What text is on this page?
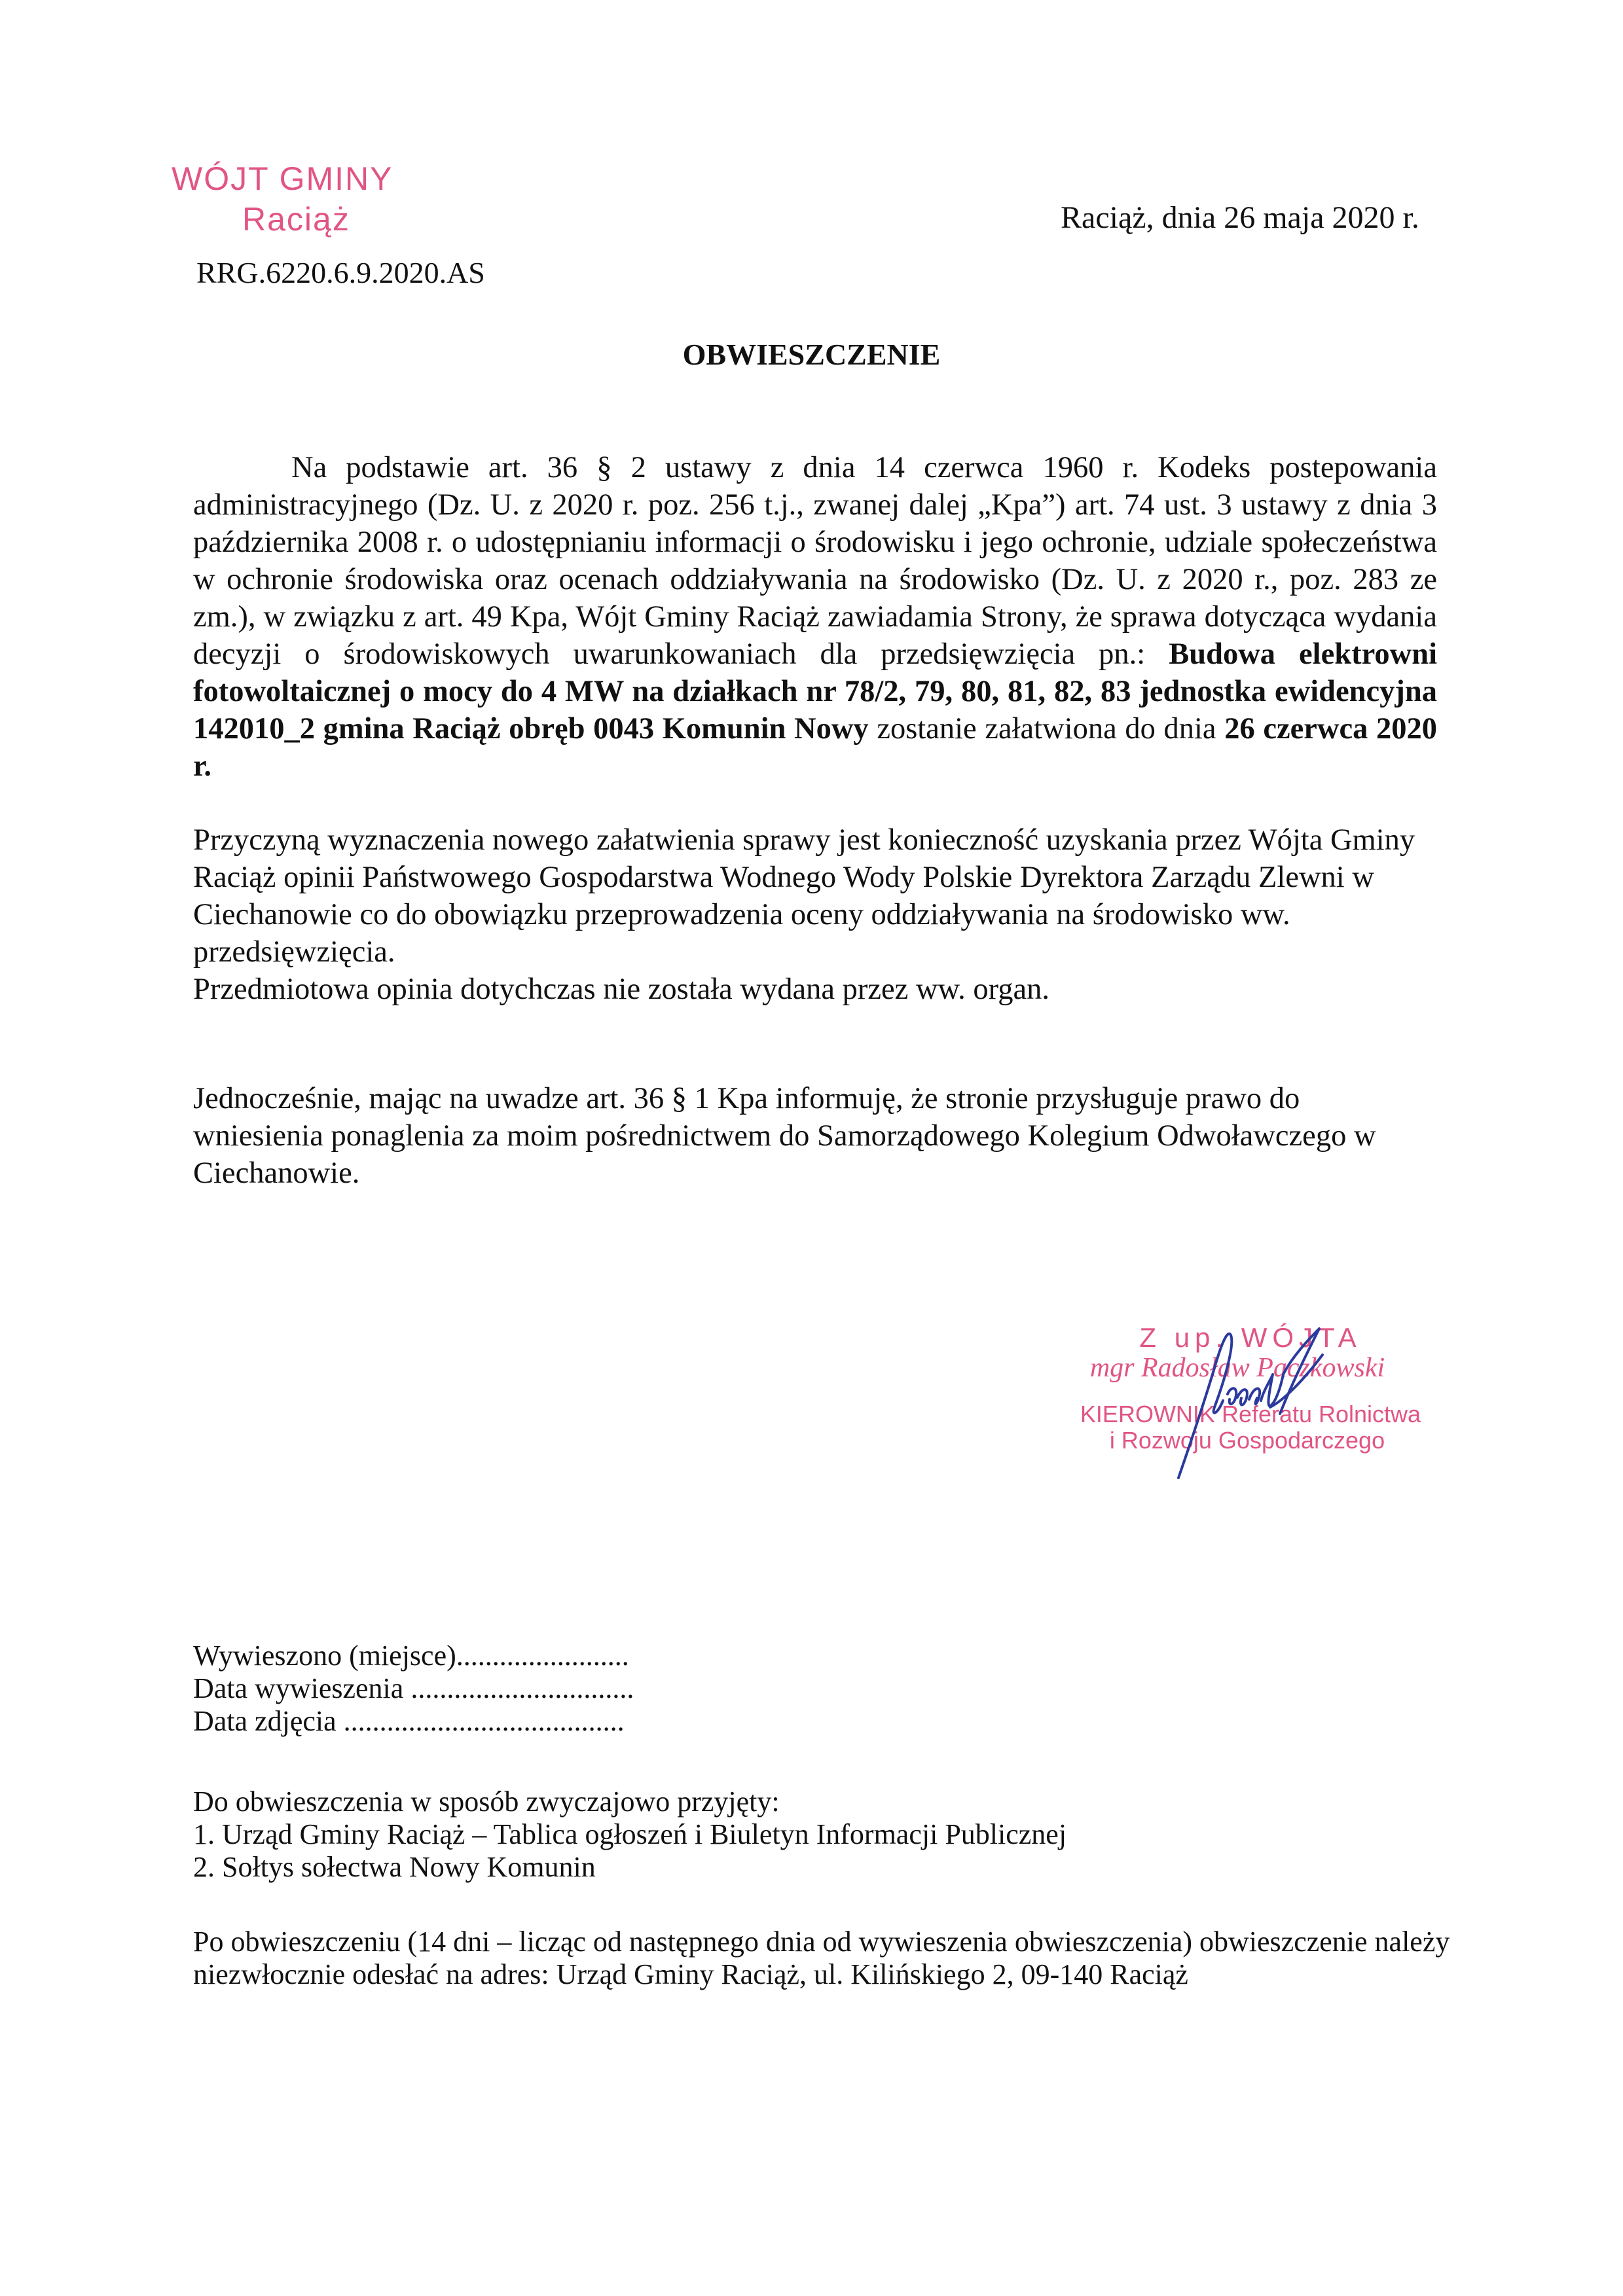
WÓJT GMINY
Raciąż
RRG.6220.6.9.2020.AS
Raciąż, dnia 26 maja 2020 r.
OBWIESZCZENIE
Na podstawie art. 36 § 2 ustawy z dnia 14 czerwca 1960 r. Kodeks postepowania administracyjnego (Dz. U. z 2020 r. poz. 256 t.j., zwanej dalej „Kpa”) art. 74 ust. 3 ustawy z dnia 3 października 2008 r. o udostępnianiu informacji o środowisku i jego ochronie, udziale społeczeństwa w ochronie środowiska oraz ocenach oddziaływania na środowisko (Dz. U. z 2020 r., poz. 283 ze zm.), w związku z art. 49 Kpa, Wójt Gminy Raciąż zawiadamia Strony, że sprawa dotycząca wydania decyzji o środowiskowych uwarunkowaniach dla przedsięwzięcia pn.: Budowa elektrowni fotowoltaicznej o mocy do 4 MW na działkach nr 78/2, 79, 80, 81, 82, 83 jednostka ewidencyjna 142010_2 gmina Raciąż obręb 0043 Komunin Nowy zostanie załatwiona do dnia 26 czerwca 2020 r.
Przyczyną wyznaczenia nowego załatwienia sprawy jest konieczność uzyskania przez Wójta Gminy Raciąż opinii Państwowego Gospodarstwa Wodnego Wody Polskie Dyrektora Zarządu Zlewni w Ciechanowie co do obowiązku przeprowadzenia oceny oddziaływania na środowisko ww. przedsięwzięcia.
Przedmiotowa opinia dotychczas nie została wydana przez ww. organ.
Jednocześnie, mając na uwadze art. 36 § 1 Kpa informuję, że stronie przysługuje prawo do wniesienia ponaglenia za moim pośrednictwem do Samorządowego Kolegium Odwoławczego w Ciechanowie.
Z up. WÓJTA
mgr Radosław Paczkowski
KIEROWNIK Referatu Rolnictwa
i Rozwoju Gospodarczego
Wywieszono (miejsce)........................
Data wywieszenia ...............................
Data zdjęcia .......................................
Do obwieszczenia w sposób zwyczajowo przyjęty:
1. Urząd Gminy Raciąż – Tablica ogłoszeń i Biuletyn Informacji Publicznej
2. Sołtys sołectwa Nowy Komunin
Po obwieszczeniu (14 dni – licząc od następnego dnia od wywieszenia obwieszczenia) obwieszczenie należy niezwłocznie odesłać na adres: Urząd Gminy Raciąż, ul. Kilińskiego 2, 09-140 Raciąż
